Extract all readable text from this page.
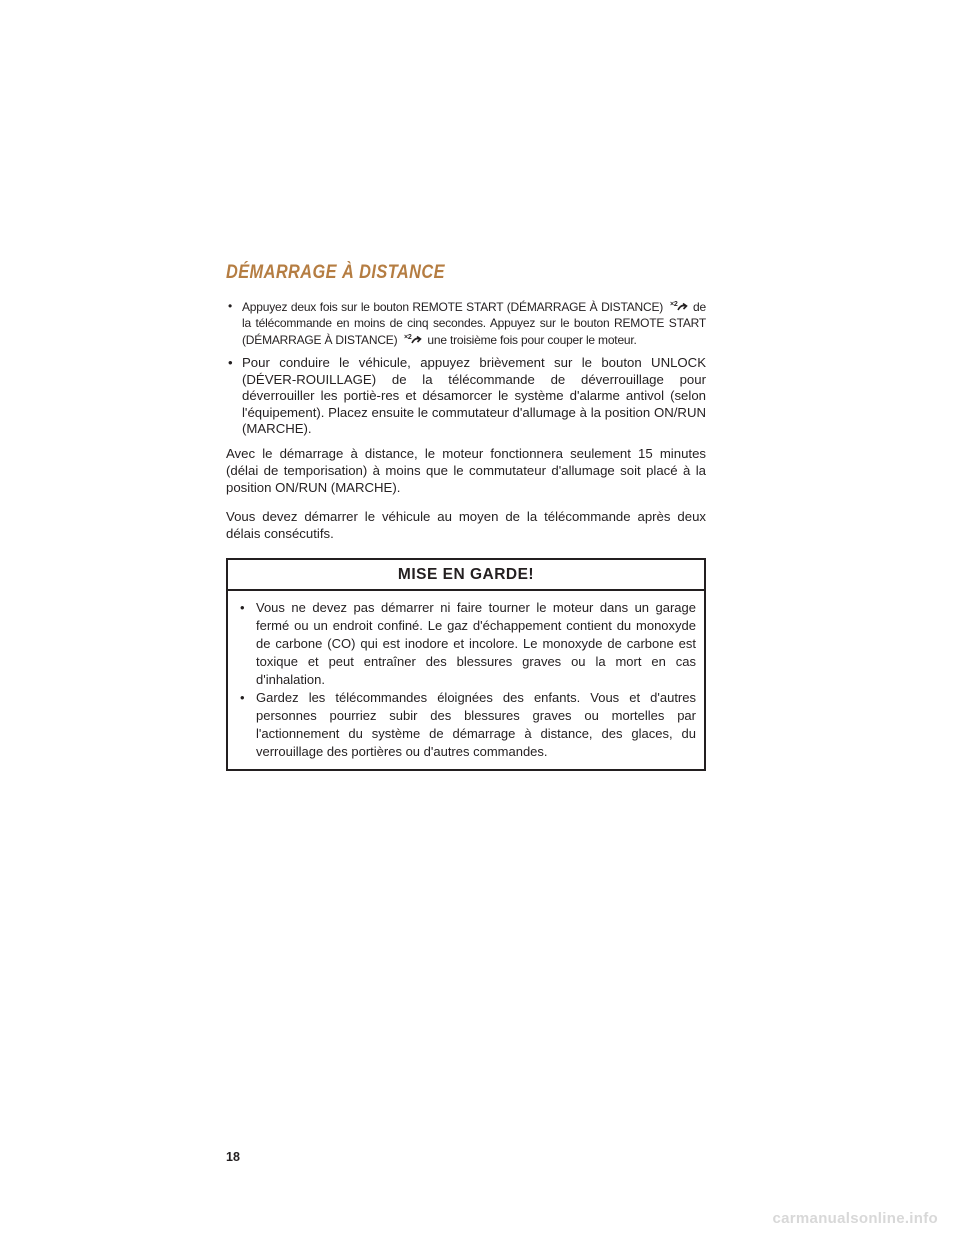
DÉMARRAGE À DISTANCE
• Appuyez deux fois sur le bouton REMOTE START (DÉMARRAGE À DISTANCE) ×2 de la télécommande en moins de cinq secondes. Appuyez sur le bouton REMOTE START (DÉMARRAGE À DISTANCE) ×2 une troisième fois pour couper le moteur.
• Pour conduire le véhicule, appuyez brièvement sur le bouton UNLOCK (DÉVER-ROUILLAGE) de la télécommande de déverrouillage pour déverrouiller les portiè-res et désamorcer le système d'alarme antivol (selon l'équipement). Placez ensuite le commutateur d'allumage à la position ON/RUN (MARCHE).

Avec le démarrage à distance, le moteur fonctionnera seulement 15 minutes (délai de temporisation) à moins que le commutateur d'allumage soit placé à la position ON/RUN (MARCHE).

Vous devez démarrer le véhicule au moyen de la télécommande après deux délais consécutifs.

MISE EN GARDE!
• Vous ne devez pas démarrer ni faire tourner le moteur dans un garage fermé ou un endroit confiné. Le gaz d'échappement contient du monoxyde de carbone (CO) qui est inodore et incolore. Le monoxyde de carbone est toxique et peut entraîner des blessures graves ou la mort en cas d'inhalation.
• Gardez les télécommandes éloignées des enfants. Vous et d'autres personnes pourriez subir des blessures graves ou mortelles par l'actionnement du système de démarrage à distance, des glaces, du verrouillage des portières ou d'autres commandes.
18
carmanualsonline.info
